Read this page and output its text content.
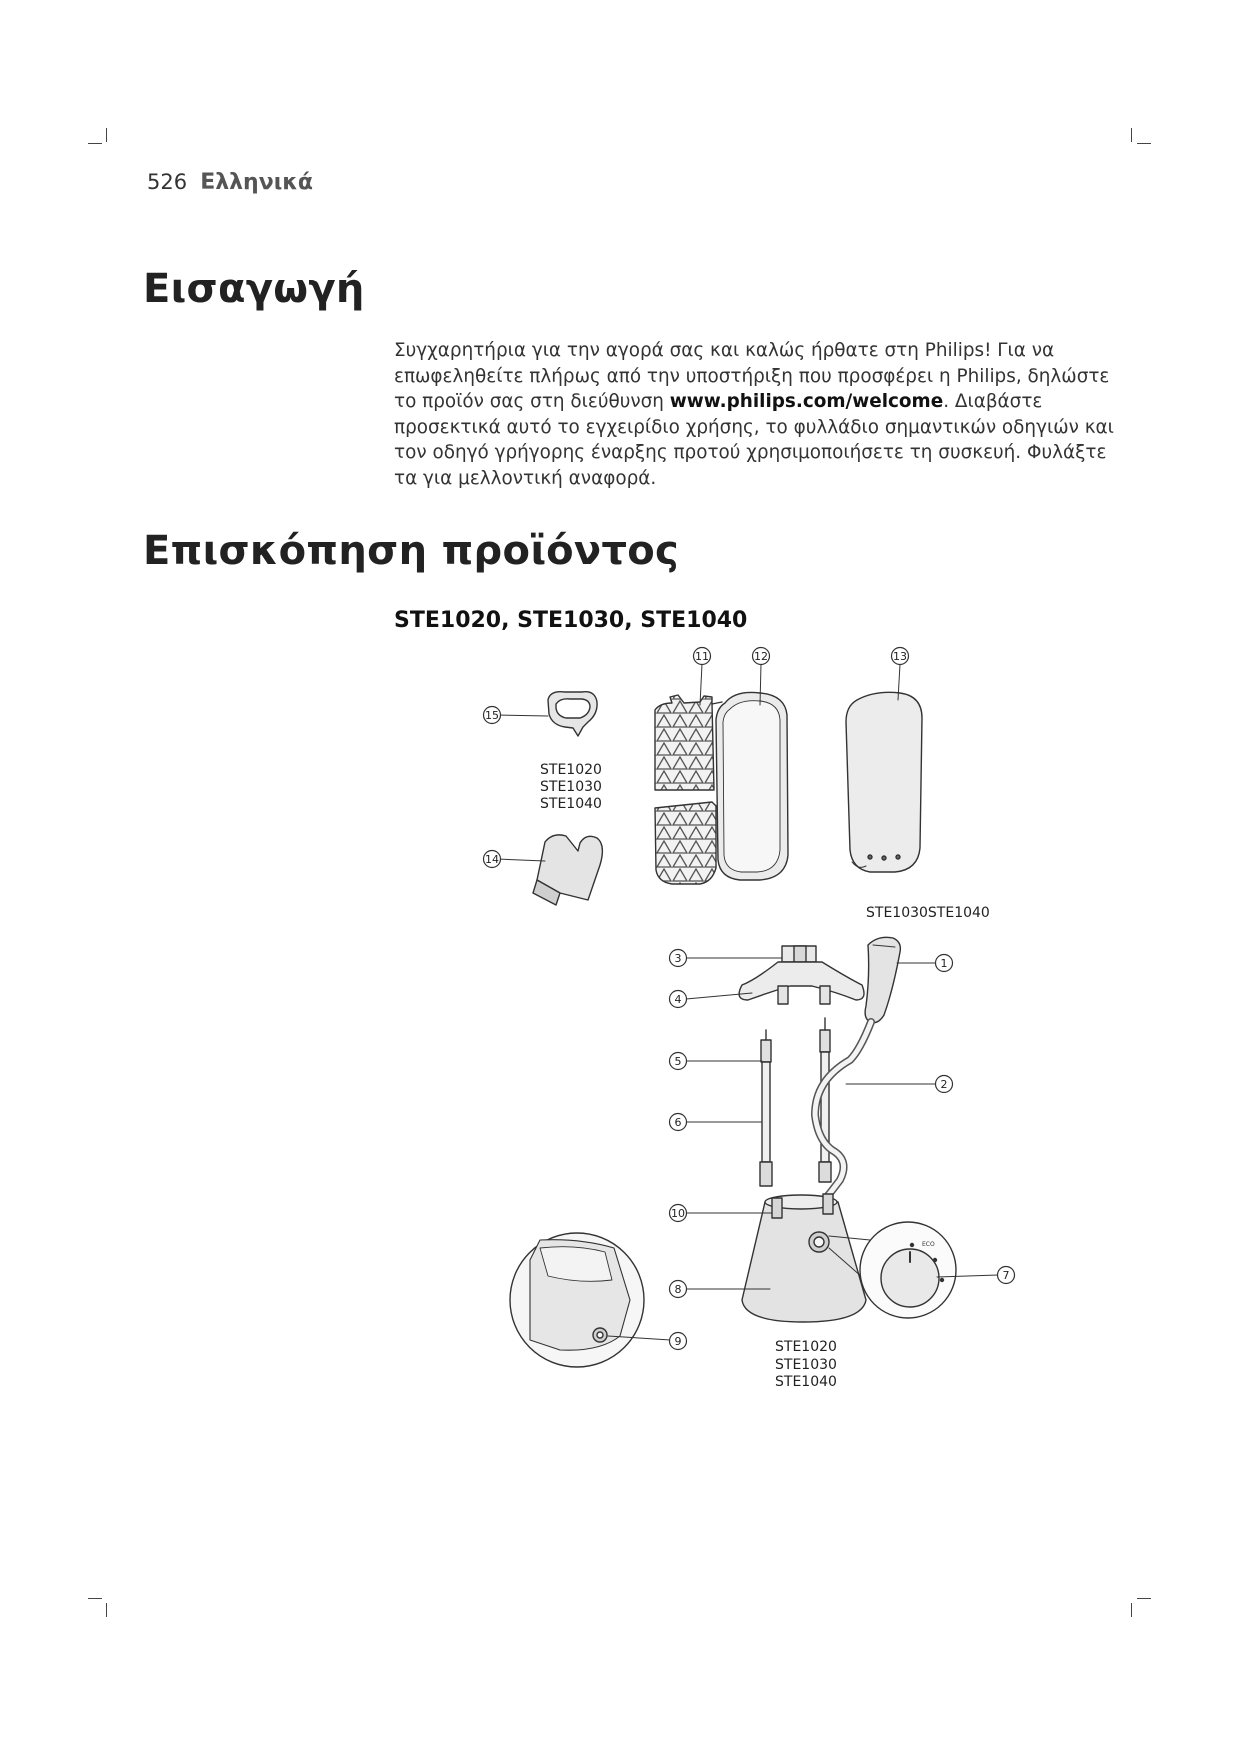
526 Ελληνικά
Εισαγωγή

Συγχαρητήρια για την αγορά σας και καλώς ήρθατε στη Philips! Για να επωφεληθείτε πλήρως από την υποστήριξη που προσφέρει η Philips, δηλώστε το προϊόν σας στη διεύθυνση www.philips.com/welcome. Διαβάστε προσεκτικά αυτό το εγχειρίδιο χρήσης, το φυλλάδιο σημαντικών οδηγιών και τον οδηγό γρήγορης έναρξης προτού χρησιμοποιήσετε τη συσκευή. Φυλάξτε τα για μελλοντική αναφορά.

Επισκόπηση προϊόντος
STE1020, STE1030, STE1040
ECO
11	12	13
15
14
3
4
5
6
10
8
9
1
2
7
STE1020
STE1030
STE1040
STE1030STE1040
STE1020
STE1030
STE1040
